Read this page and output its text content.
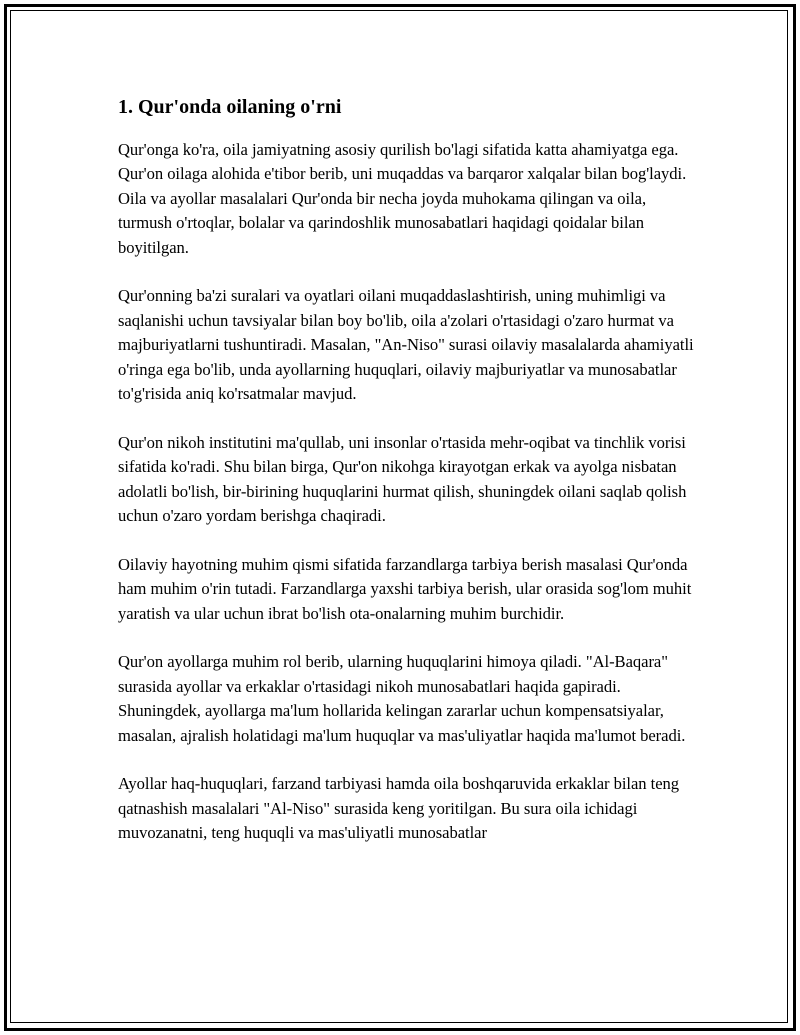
1. Qur'onda oilaning o'rni

Qur'onga ko'ra, oila jamiyatning asosiy qurilish bo'lagi sifatida katta ahamiyatga ega. Qur'on oilaga alohida e'tibor berib, uni muqaddas va barqaror xalqalar bilan bog'laydi. Oila va ayollar masalalari Qur'onda bir necha joyda muhokama qilingan va oila, turmush o'rtoqlar, bolalar va qarindoshlik munosabatlari haqidagi qoidalar bilan boyitilgan.

Qur'onning ba'zi suralari va oyatlari oilani muqaddaslashtirish, uning muhimligi va saqlanishi uchun tavsiyalar bilan boy bo'lib, oila a'zolari o'rtasidagi o'zaro hurmat va majburiyatlarni tushuntiradi. Masalan, "An-Niso" surasi oilaviy masalalarda ahamiyatli o'ringa ega bo'lib, unda ayollarning huquqlari, oilaviy majburiyatlar va munosabatlar to'g'risida aniq ko'rsatmalar mavjud.

Qur'on nikoh institutini ma'qullab, uni insonlar o'rtasida mehr-oqibat va tinchlik vorisi sifatida ko'radi. Shu bilan birga, Qur'on nikohga kirayotgan erkak va ayolga nisbatan adolatli bo'lish, bir-birining huquqlarini hurmat qilish, shuningdek oilani saqlab qolish uchun o'zaro yordam berishga chaqiradi.

Oilaviy hayotning muhim qismi sifatida farzandlarga tarbiya berish masalasi Qur'onda ham muhim o'rin tutadi. Farzandlarga yaxshi tarbiya berish, ular orasida sog'lom muhit yaratish va ular uchun ibrat bo'lish ota-onalarning muhim burchidir.

Qur'on ayollarga muhim rol berib, ularning huquqlarini himoya qiladi. "Al-Baqara" surasida ayollar va erkaklar o'rtasidagi nikoh munosabatlari haqida gapiradi. Shuningdek, ayollarga ma'lum hollarida kelingan zararlar uchun kompensatsiyalar, masalan, ajralish holatidagi ma'lum huquqlar va mas'uliyatlar haqida ma'lumot beradi.

Ayollar haq-huquqlari, farzand tarbiyasi hamda oila boshqaruvida erkaklar bilan teng qatnashish masalalari "Al-Niso" surasida keng yoritilgan. Bu sura oila ichidagi muvozanatni, teng huquqli va mas'uliyatli munosabatlar
